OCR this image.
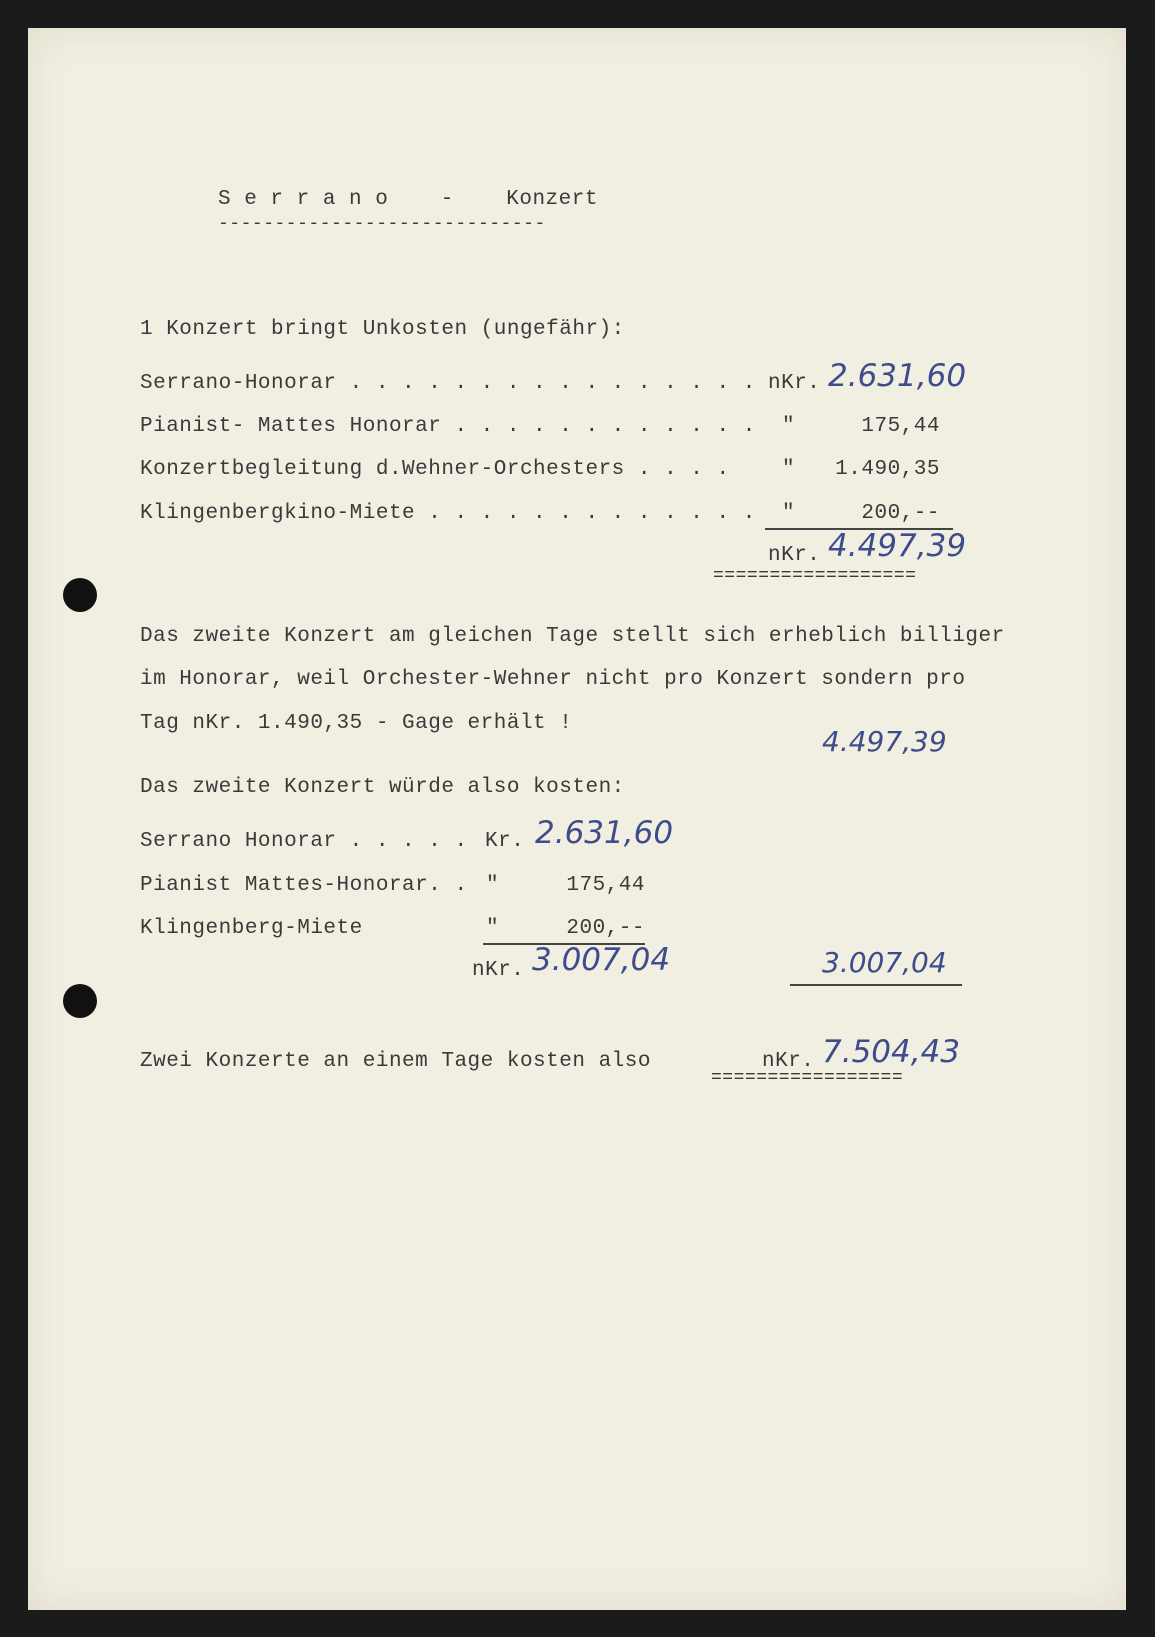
S e r r a n o    -    Konzert
-----------------------------
1 Konzert bringt Unkosten (ungefähr):
Serrano-Honorar . . . . . . . . . . . . . . . . nKr. 2.631,60
Pianist- Mattes Honorar . . . . . . . . . . . . "	175,44
Konzertbegleitung d.Wehner-Orchesters . . . . "	1.490,35
Klingenbergkino-Miete . . . . . . . . . . . . . "	200,--
nKr. 4.497,39
==================
Das zweite Konzert am gleichen Tage stellt sich erheblich billiger
im Honorar, weil Orchester-Wehner nicht pro Konzert sondern pro
Tag nKr. 1.490,35 - Gage erhält !
4.497,39
Das zweite Konzert würde also kosten:
Serrano Honorar . . . . . Kr. 2.631,60
Pianist Mattes-Honorar. . "	175,44
Klingenberg-Miete	"	200,--
nKr. 3.007,04	3.007,04
Zwei Konzerte an einem Tage kosten also	nKr. 7.504,43
=================
